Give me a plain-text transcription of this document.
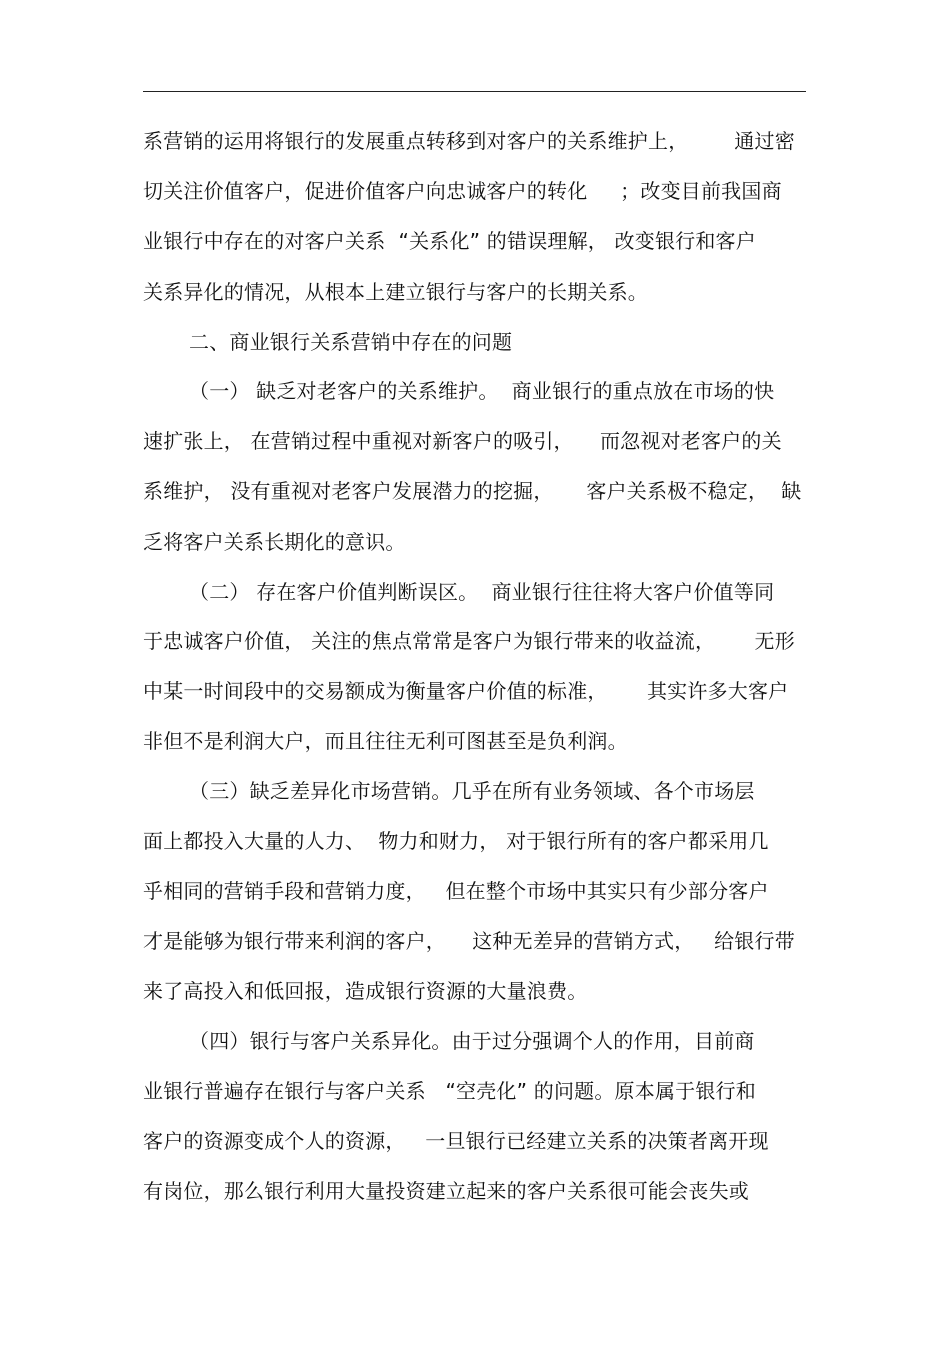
系营销的运用将银行的发展重点转移到对客户的关系维护上，       通过密
切关注价值客户，促进价值客户向忠诚客户的转化     ；改变目前我国商
业银行中存在的对客户关系  “关系化” 的错误理解， 改变银行和客户
关系异化的情况，从根本上建立银行与客户的长期关系。
二、商业银行关系营销中存在的问题
（一） 缺乏对老客户的关系维护。  商业银行的重点放在市场的快
速扩张上， 在营销过程中重视对新客户的吸引，    而忽视对老客户的关
系维护， 没有重视对老客户发展潜力的挖掘，     客户关系极不稳定，  缺
乏将客户关系长期化的意识。
（二） 存在客户价值判断误区。  商业银行往往将大客户价值等同
于忠诚客户价值， 关注的焦点常常是客户为银行带来的收益流，      无形
中某一时间段中的交易额成为衡量客户价值的标准，      其实许多大客户
非但不是利润大户，而且往往无利可图甚至是负利润。
（三）缺乏差异化市场营销。几乎在所有业务领域、各个市场层
面上都投入大量的人力、  物力和财力， 对于银行所有的客户都采用几
乎相同的营销手段和营销力度，   但在整个市场中其实只有少部分客户
才是能够为银行带来利润的客户，    这种无差异的营销方式，   给银行带
来了高投入和低回报，造成银行资源的大量浪费。
（四）银行与客户关系异化。由于过分强调个人的作用，目前商
业银行普遍存在银行与客户关系   “空壳化” 的问题。原本属于银行和
客户的资源变成个人的资源，   一旦银行已经建立关系的决策者离开现
有岗位，那么银行利用大量投资建立起来的客户关系很可能会丧失或
